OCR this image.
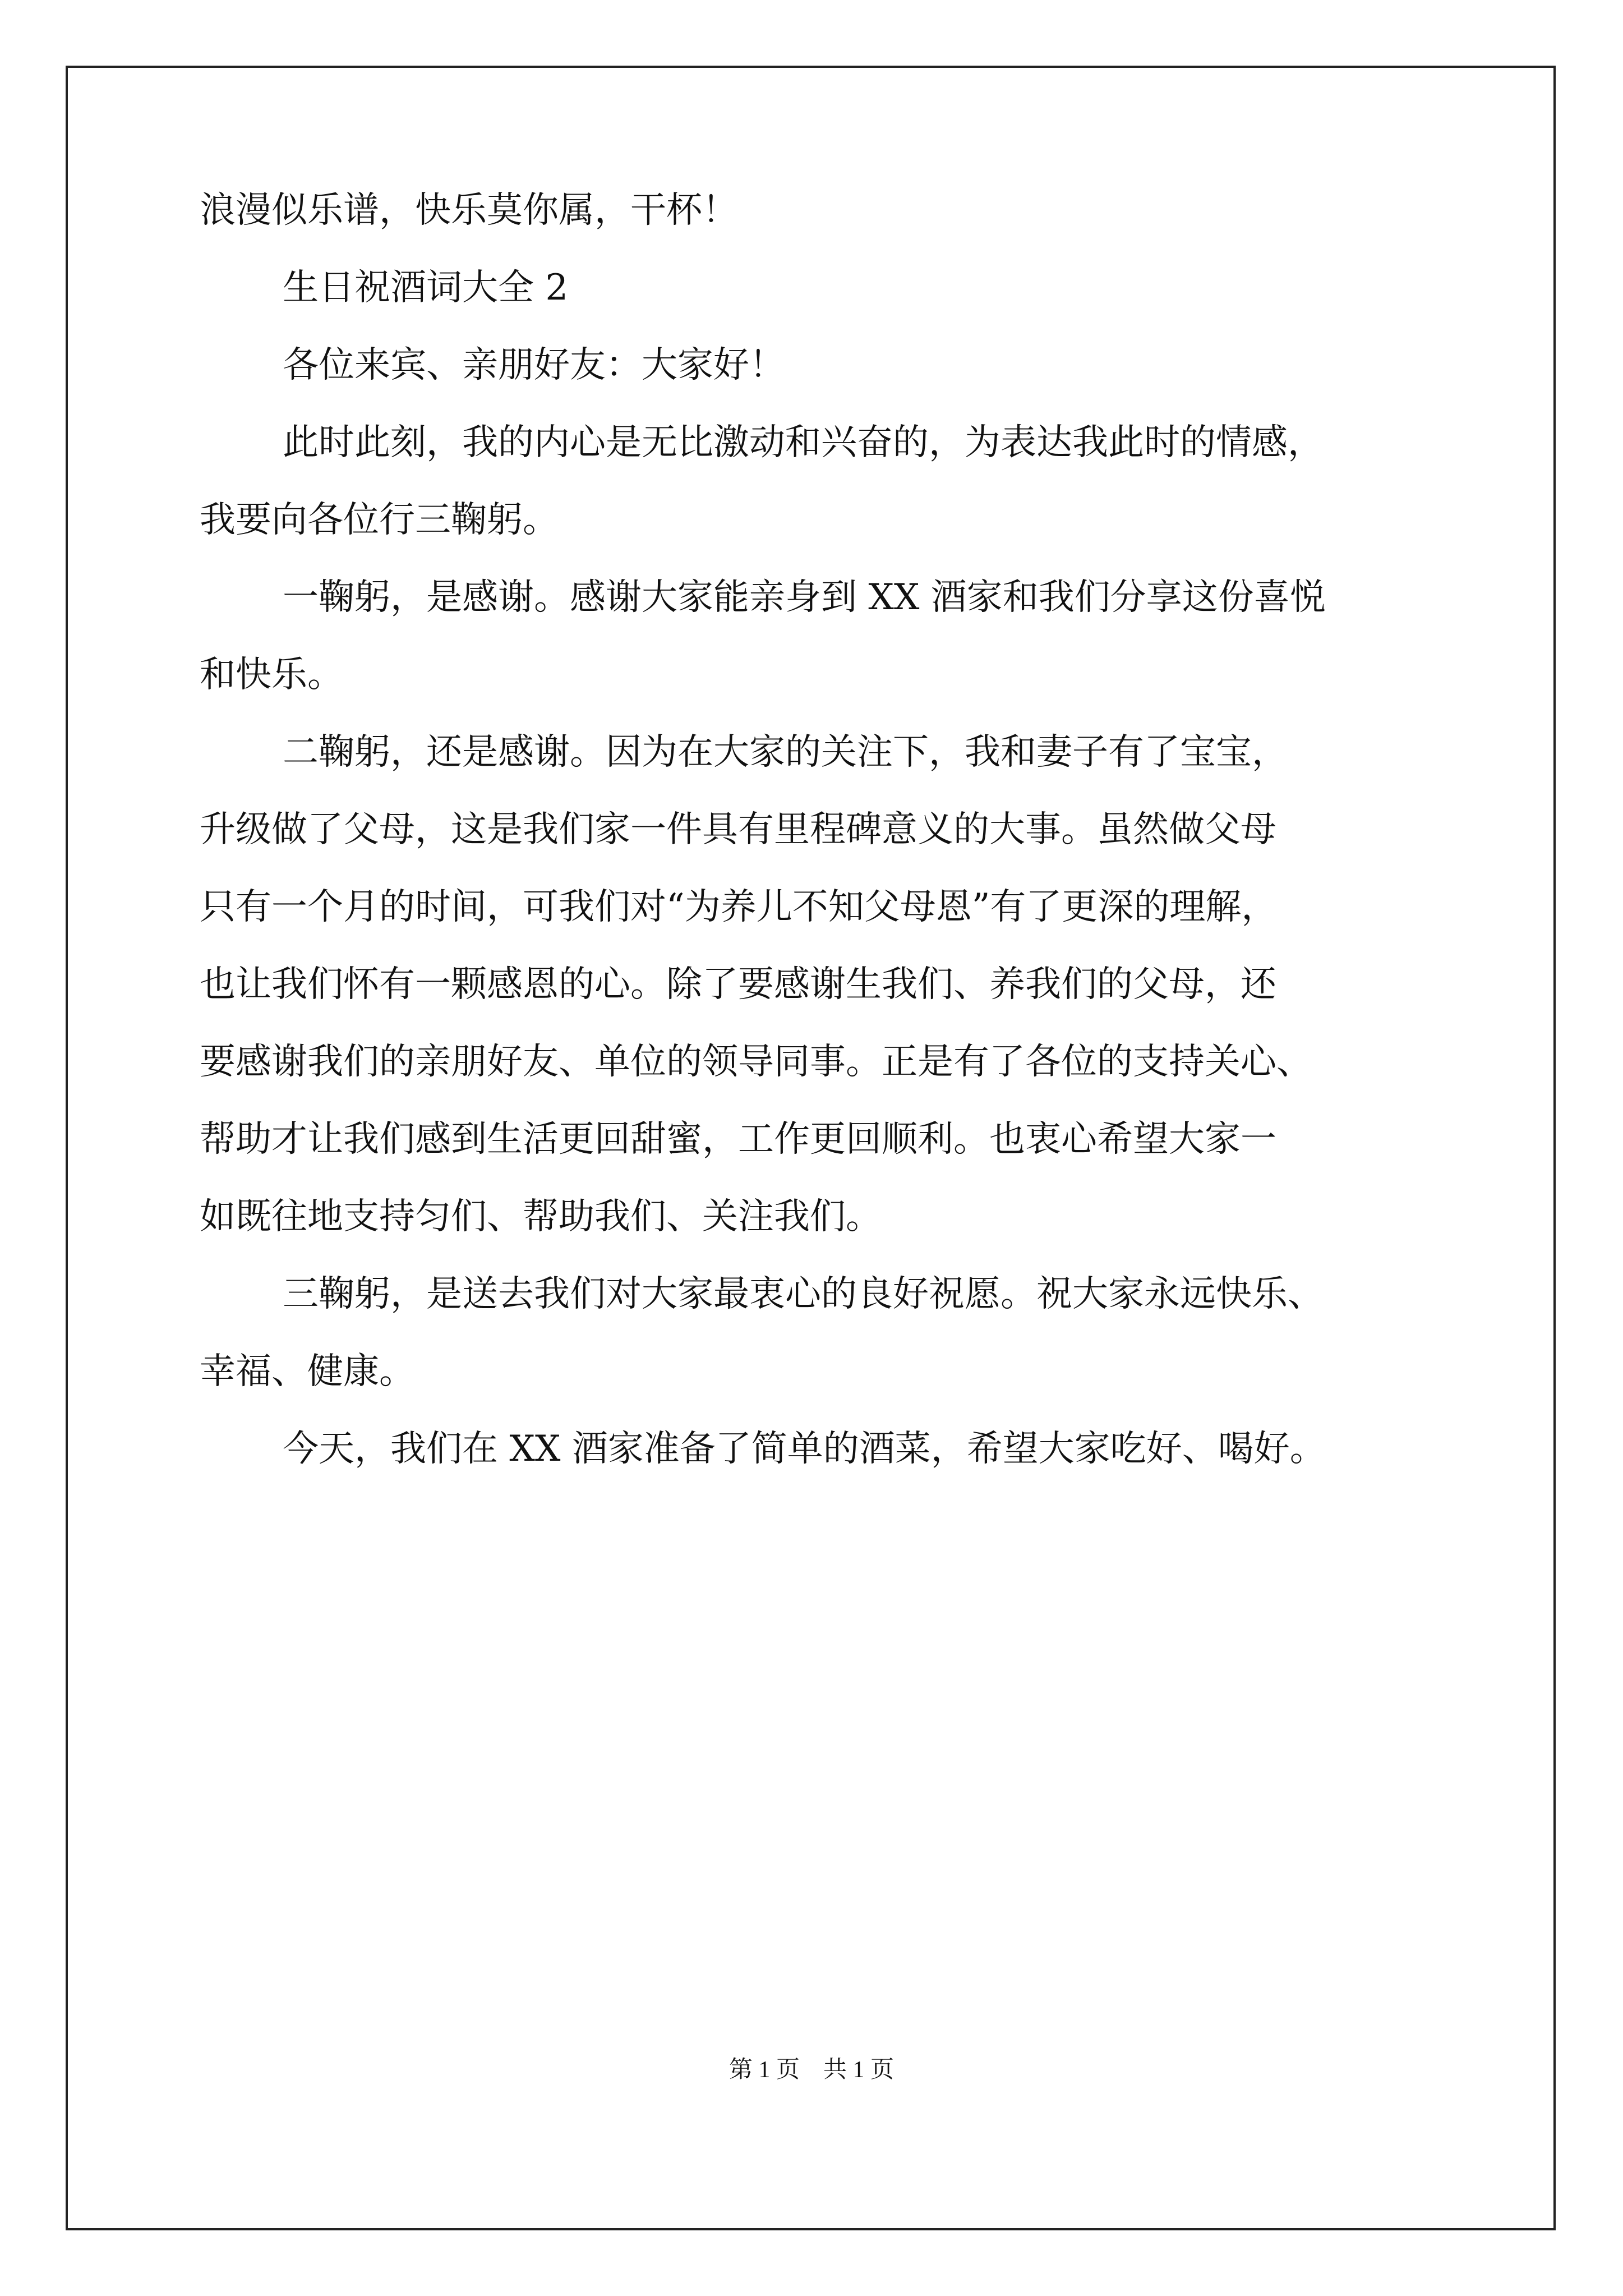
浪漫似乐谱，快乐莫你属，干杯！
生日祝酒词大全 2
各位来宾、亲朋好友：大家好！
此时此刻，我的内心是无比激动和兴奋的，为表达我此时的情感，
我要向各位行三鞠躬。
一鞠躬，是感谢。感谢大家能亲身到 XX 酒家和我们分享这份喜悦
和快乐。
二鞠躬，还是感谢。因为在大家的关注下，我和妻子有了宝宝，
升级做了父母，这是我们家一件具有里程碑意义的大事。虽然做父母
只有一个月的时间，可我们对“为养儿不知父母恩”有了更深的理解，
也让我们怀有一颗感恩的心。除了要感谢生我们、养我们的父母，还
要感谢我们的亲朋好友、单位的领导同事。正是有了各位的支持关心、
帮助才让我们感到生活更回甜蜜，工作更回顺利。也衷心希望大家一
如既往地支持匀们、帮助我们、关注我们。
三鞠躬，是送去我们对大家最衷心的良好祝愿。祝大家永远快乐、
幸福、健康。
今天，我们在 XX 酒家准备了简单的酒菜，希望大家吃好、喝好。
第 1 页　共 1 页
